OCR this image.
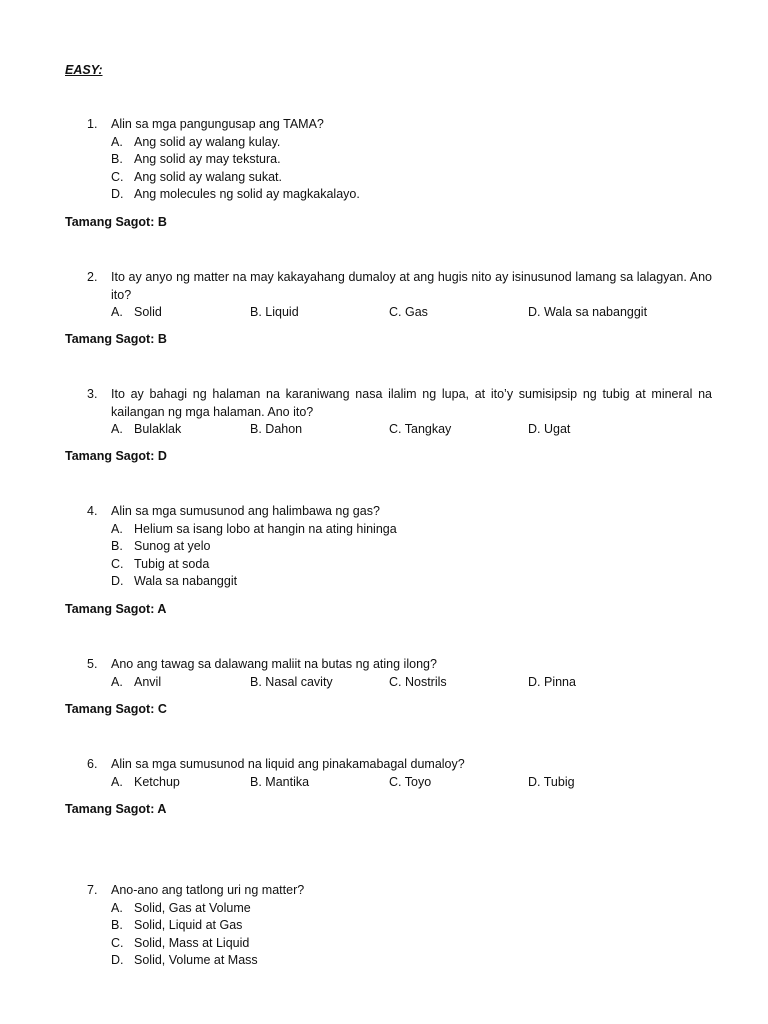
EASY:
1. Alin sa mga pangungusap ang TAMA?
A. Ang solid ay walang kulay.
B. Ang solid ay may tekstura.
C. Ang solid ay walang sukat.
D. Ang molecules ng solid ay magkakalayo.
Tamang Sagot: B
2. Ito ay anyo ng matter na may kakayahang dumaloy at ang hugis nito ay isinusunod lamang sa lalagyan. Ano ito?
A. Solid	B. Liquid	C. Gas	D. Wala sa nabanggit
Tamang Sagot: B
3. Ito ay bahagi ng halaman na karaniwang nasa ilalim ng lupa, at ito’y sumisipsip ng tubig at mineral na kailangan ng mga halaman. Ano ito?
A. Bulaklak	B. Dahon	C. Tangkay	D. Ugat
Tamang Sagot: D
4. Alin sa mga sumusunod ang halimbawa ng gas?
A. Helium sa isang lobo at hangin na ating hininga
B. Sunog at yelo
C. Tubig at soda
D. Wala sa nabanggit
Tamang Sagot: A
5. Ano ang tawag sa dalawang maliit na butas ng ating ilong?
A. Anvil	B. Nasal cavity	C. Nostrils	D. Pinna
Tamang Sagot: C
6. Alin sa mga sumusunod na liquid ang pinakamabagal dumaloy?
A. Ketchup	B. Mantika	C. Toyo	D. Tubig
Tamang Sagot: A
7. Ano-ano ang tatlong uri ng matter?
A. Solid, Gas at Volume
B. Solid, Liquid at Gas
C. Solid, Mass at Liquid
D. Solid, Volume at Mass
